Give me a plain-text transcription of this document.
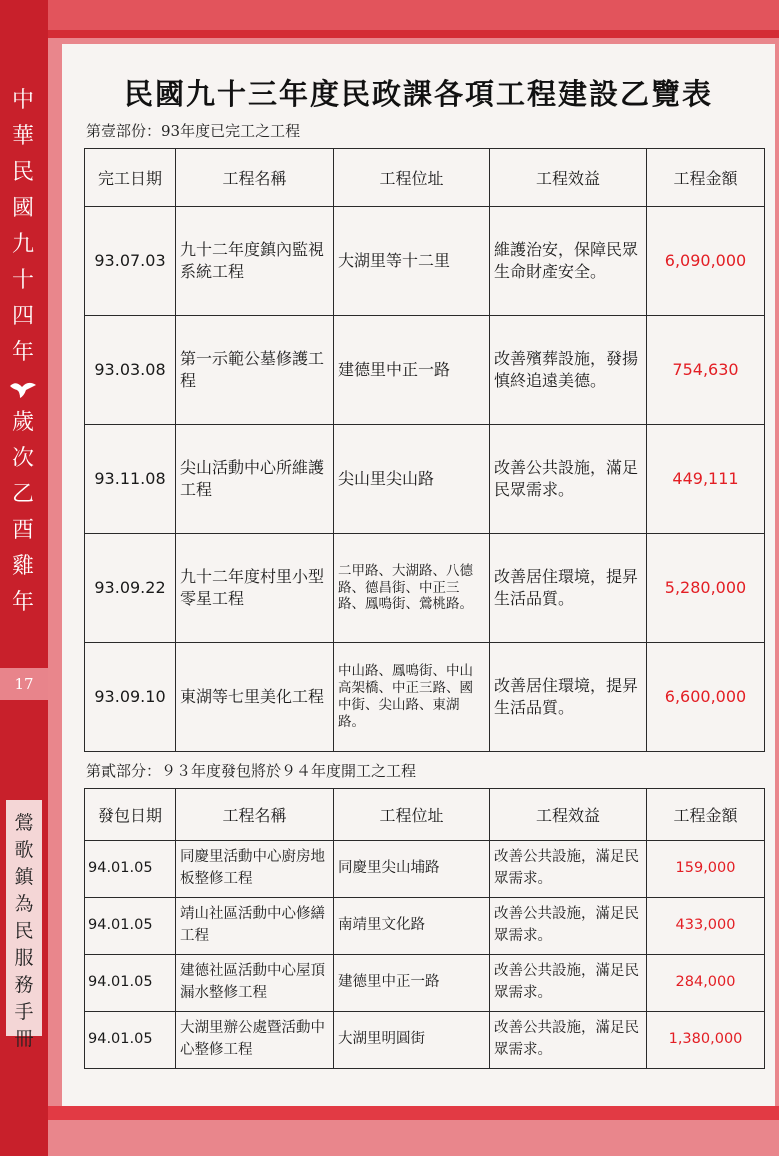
中
華
民
國
九
十
四
年
歲
次
乙
酉
雞
年
17
鶯
歌
鎮
為
民
服
務
手
冊
民國九十三年度民政課各項工程建設乙覽表
第壹部份：93年度已完工之工程
完工日期	工程名稱	工程位址	工程效益	工程金額
93.07.03	九十二年度鎮內監視系統工程	大湖里等十二里	維護治安，保障民眾生命財產安全。	6,090,000
93.03.08	第一示範公墓修護工程	建德里中正一路	改善殯葬設施，發揚慎終追遠美德。	754,630
93.11.08	尖山活動中心所維護工程	尖山里尖山路	改善公共設施，滿足民眾需求。	449,111
93.09.22	九十二年度村里小型零星工程	二甲路、大湖路、八德路、德昌街、中正三路、鳳鳴街、鶯桃路。	改善居住環境，提昇生活品質。	5,280,000
93.09.10	東湖等七里美化工程	中山路、鳳鳴街、中山高架橋、中正三路、國中街、尖山路、東湖路。	改善居住環境，提昇生活品質。	6,600,000
第貳部分：９３年度發包將於９４年度開工之工程
發包日期	工程名稱	工程位址	工程效益	工程金額
94.01.05	同慶里活動中心廚房地板整修工程	同慶里尖山埔路	改善公共設施，滿足民眾需求。	159,000
94.01.05	靖山社區活動中心修繕工程	南靖里文化路	改善公共設施，滿足民眾需求。	433,000
94.01.05	建德社區活動中心屋頂漏水整修工程	建德里中正一路	改善公共設施，滿足民眾需求。	284,000
94.01.05	大湖里辦公處暨活動中心整修工程	大湖里明圓街	改善公共設施，滿足民眾需求。	1,380,000
